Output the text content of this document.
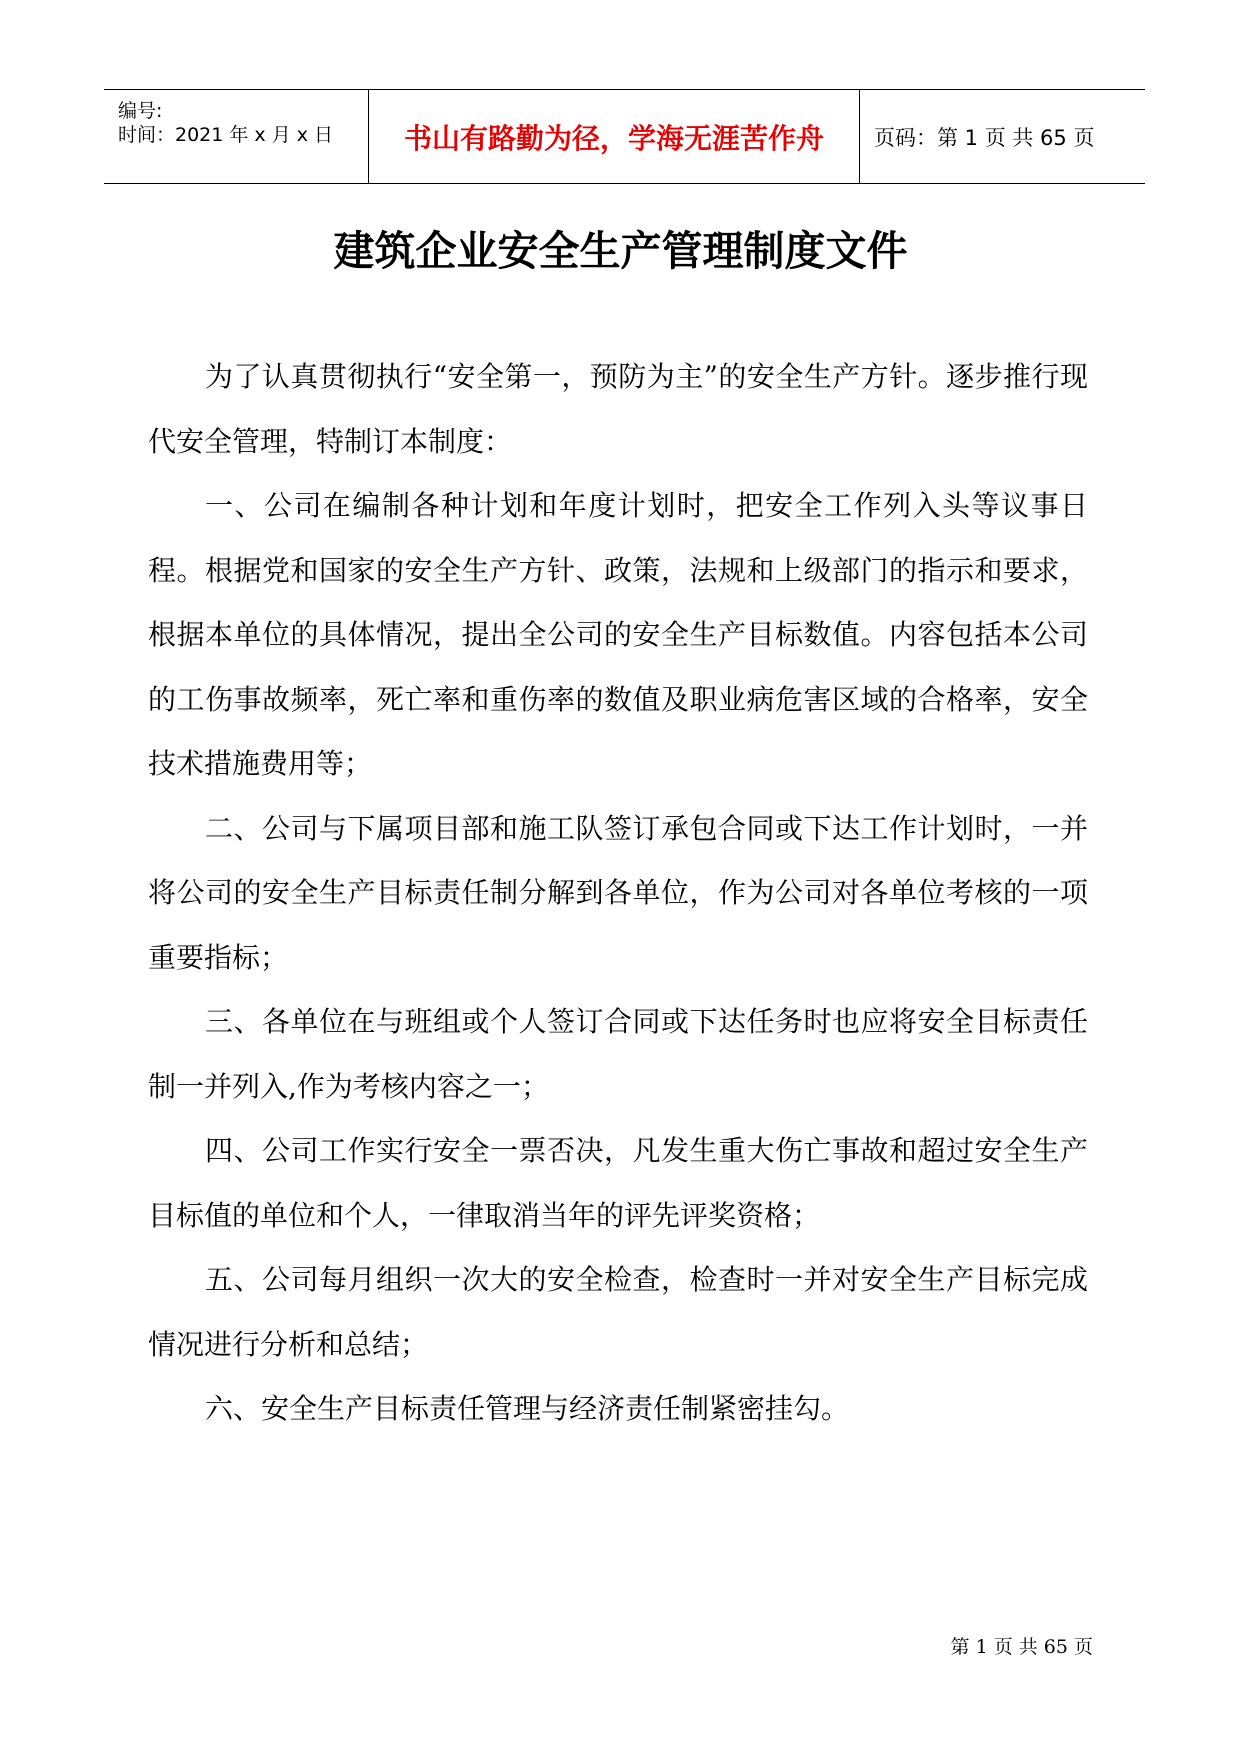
编号:
时间：2021 年 x 月 x 日	书山有路勤为径，学海无涯苦作舟 页码：第 1 页 共 65 页
建筑企业安全生产管理制度文件

为了认真贯彻执行“安全第一，预防为主”的安全生产方针。逐步推行现代安全管理，特制订本制度：

一、公司在编制各种计划和年度计划时，把安全工作列入头等议事日程。根据党和国家的安全生产方针、政策，法规和上级部门的指示和要求，根据本单位的具体情况，提出全公司的安全生产目标数值。内容包括本公司的工伤事故频率，死亡率和重伤率的数值及职业病危害区域的合格率，安全技术措施费用等；

二、公司与下属项目部和施工队签订承包合同或下达工作计划时，一并将公司的安全生产目标责任制分解到各单位，作为公司对各单位考核的一项重要指标；

三、各单位在与班组或个人签订合同或下达任务时也应将安全目标责任制一并列入,作为考核内容之一；

四、公司工作实行安全一票否决，凡发生重大伤亡事故和超过安全生产目标值的单位和个人，一律取消当年的评先评奖资格；

五、公司每月组织一次大的安全检查，检查时一并对安全生产目标完成情况进行分析和总结；

六、安全生产目标责任管理与经济责任制紧密挂勾。

第 1 页 共 65 页
